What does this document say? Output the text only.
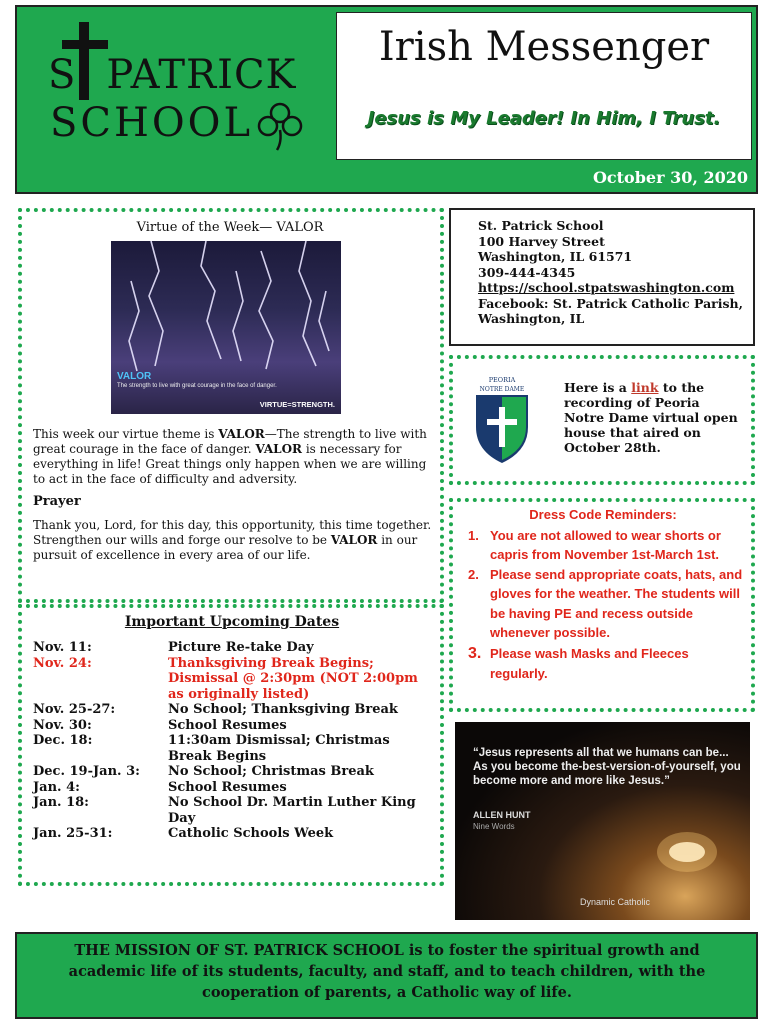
S PATRICK
SCHOOL
Irish Messenger
Jesus is My Leader! In Him, I Trust.
October 30, 2020
Virtue of the Week— VALOR
VALOR
The strength to live with great courage in the face of danger.
VIRTUE=STRENGTH.
This week our virtue theme is VALOR—The strength to live with great courage in the face of danger. VALOR is necessary for everything in life! Great things only happen when we are willing to act in the face of difficulty and adversity.
Prayer
Thank you, Lord, for this day, this opportunity, this time together. Strengthen our wills and forge our resolve to be VALOR in our pursuit of excellence in every area of our life.
Important Upcoming Dates
Nov. 11:	Picture Re-take Day
Nov. 24:	Thanksgiving Break Begins; Dismissal @ 2:30pm (NOT 2:00pm as originally listed)
Nov. 25-27:	No School; Thanksgiving Break
Nov. 30:	School Resumes
Dec. 18:	11:30am Dismissal; Christmas Break Begins
Dec. 19-Jan. 3:	No School; Christmas Break
Jan. 4:	School Resumes
Jan. 18:	No School Dr. Martin Luther King Day
Jan. 25-31:	Catholic Schools Week
St. Patrick School
100 Harvey Street
Washington, IL 61571
309-444-4345
https://school.stpatswashington.com
Facebook: St. Patrick Catholic Parish, Washington, IL
PEORIA
NOTRE DAME	Here is a link to the recording of Peoria Notre Dame virtual open house that aired on October 28th.
Dress Code Reminders:
1. You are not allowed to wear shorts or capris from November 1st-March 1st.
2. Please send appropriate coats, hats, and gloves for the weather. The students will be having PE and recess outside whenever possible.
3. Please wash Masks and Fleeces regularly.
“Jesus represents all that we humans can be... As you become the-best-version-of-yourself, you become more and more like Jesus.”
ALLEN HUNT
Nine Words
Dynamic Catholic
THE MISSION OF ST. PATRICK SCHOOL is to foster the spiritual growth and academic life of its students, faculty, and staff, and to teach children, with the cooperation of parents, a Catholic way of life.
